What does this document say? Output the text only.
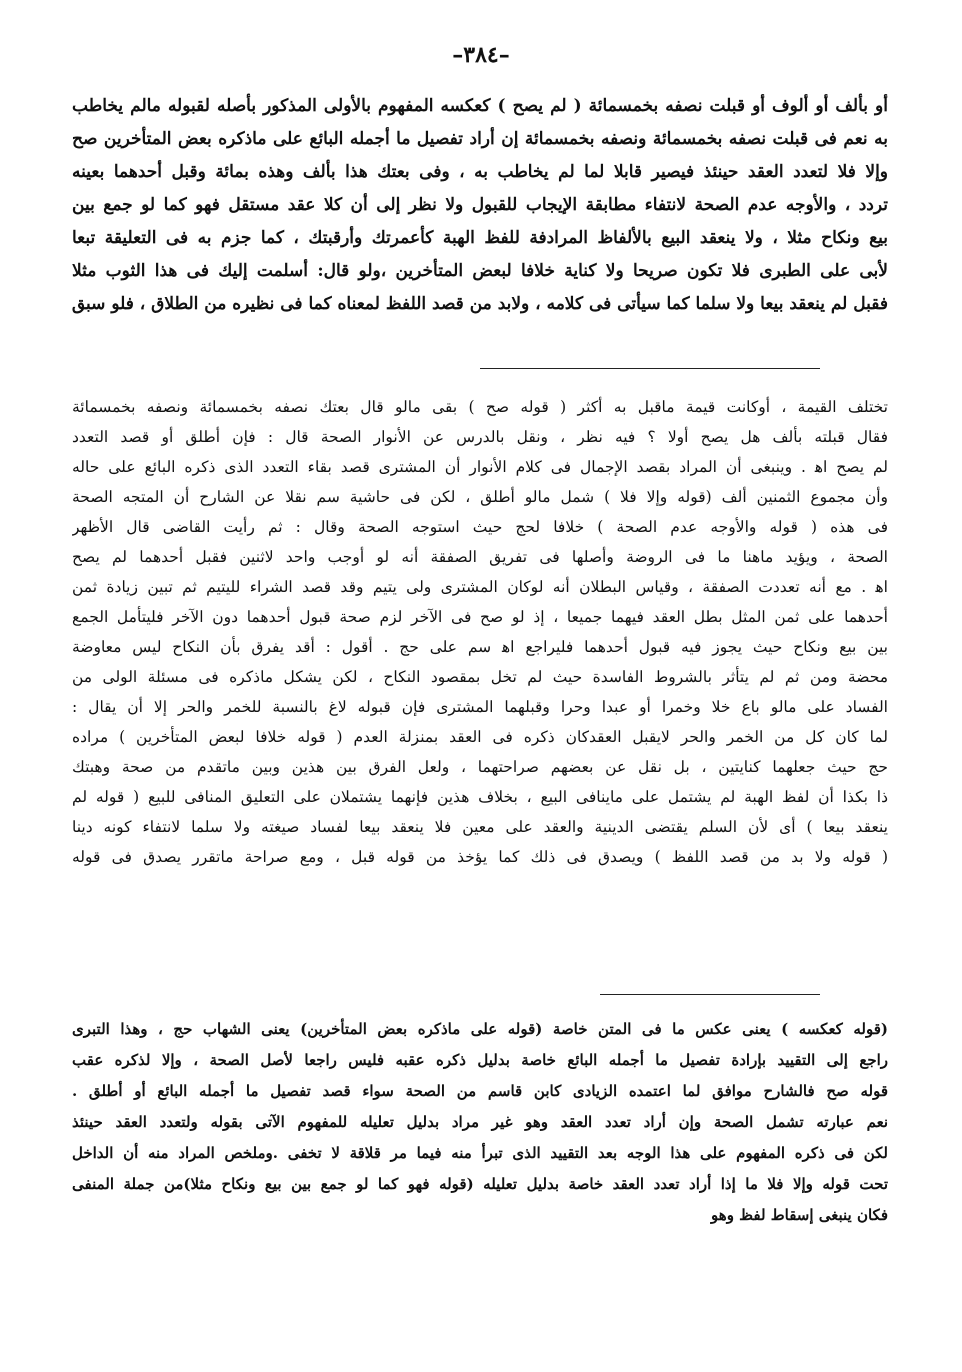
–٣٨٤–
أو بألف أو ألوف أو قبلت نصفه بخمسمائة ( لم يصح ) كعكسه المفهوم بالأولى المذكور بأصله لقبوله مالم يخاطب
به نعم فى قبلت نصفه بخمسمائة ونصفه بخمسمائة إن أراد تفصيل ما أجمله البائع على ماذكره بعض المتأخرين صح
وإلا فلا لتعدد العقد حينئذ فيصير قابلا لما لم يخاطب به ، وفى بعتك هذا بألف وهذه بمائة وقبل أحدهما بعينه
تردد ، والأوجه عدم الصحة لانتفاء مطابقة الإيجاب للقبول ولا نظر إلى أن كلا عقد مستقل فهو كما لو جمع بين
بيع ونكاح مثلا ، ولا ينعقد البيع بالألفاظ المرادفة للفظ الهبة كأعمرتك وأرقبتك ، كما جزم به فى التعليقة تبعا
لأبى على الطبرى فلا تكون صريحا ولا كناية خلافا لبعض المتأخرين ،ولو قال: أسلمت إليك فى هذا الثوب مثلا
فقبل لم ينعقد بيعا ولا سلما كما سيأتى فى كلامه ، ولابد من قصد اللفظ لمعناه كما فى نظيره من الطلاق ، فلو سبق
تختلف القيمة ، أوكانت قيمة ماقبل به أكثر ( قوله صح ) بقى مالو قال بعتك نصفه بخمسمائة ونصفه بخمسمائة
فقال قبلته بألف هل يصح أولا ؟ فيه نظر ، ونقل بالدرس عن الأنوار الصحة قال : فإن أطلق أو قصد التعدد
لم يصح اﻫ . وينبغى أن المراد بقصد الإجمال فى كلام الأنوار أن المشترى قصد بقاء التعدد الذى ذكره البائع على حاله
وأن مجموع الثمنين ألف (قوله وإلا فلا ) شمل مالو أطلق ، لكن فى حاشية سم نقلا عن الشارح أن المتجه الصحة
فى هذه ( قوله والأوجه عدم الصحة ) خلافا لحج حيث استوجه الصحة وقال : ثم رأيت القاضى قال الأظهر
الصحة ، ويؤيد ماهنا ما فى الروضة وأصلها فى تفريق الصفقة أنه لو أوجب واحد لاثنين فقبل أحدهما لم يصح
اﻫ . مع أنه تعددت الصفقة ، وقياس البطلان أنه لوكان المشترى ولى يتيم وقد قصد الشراء لليتيم ثم تبين زيادة ثمن
أحدهما على ثمن المثل بطل العقد فيهما جميعا ، إذ لو صح فى الآخر لزم صحة قبول أحدهما دون الآخر فليتأمل الجمع
بين بيع ونكاح حيث يجوز فيه قبول أحدهما فليراجع اﻫ سم على حج . أقول : أقد يفرق بأن النكاح ليس معاوضة
محضة ومن ثم لم يتأثر بالشروط الفاسدة حيث لم تخل بمقصود النكاح ، لكن يشكل ماذكره فى مسئلة الولى من
الفساد على مالو باع خلا وخمرا أو عبدا وحرا وقبلهما المشترى فإن قبوله لاغ بالنسبة للخمر والحر إلا أن يقال :
لما كان كل من الخمر والحر لايقبل العقدكان ذكره فى العقد بمنزلة العدم ( قوله خلافا لبعض المتأخرين ) مراده
حج حيث جعلهما كنايتين ، بل نقل عن بعضهم صراحتهما ، ولعل الفرق بين هذين وبين ماتقدم من صحة وهبتك
ذا بكذا أن لفظ الهبة لم يشتمل على ماينافى البيع ، بخلاف هذين فإنهما يشتملان على التعليق المنافى للبيع ( قوله لم
ينعقد بيعا ) أى لأن السلم يقتضى الدينية والعقد على معين فلا ينعقد بيعا لفساد صيغته ولا سلما لانتفاء كونه دينا
( قوله ولا بد من قصد اللفظ ) ويصدق فى ذلك كما يؤخذ من قوله قبل ، ومع صراحة ماتقرر يصدق فى قوله
(قوله كعكسه ) يعنى عكس ما فى المتن خاصة (قوله على ماذكره بعض المتأخرين) يعنى الشهاب حج ، وهذا التبرى
راجع إلى التقييد بإرادة تفصيل ما أجمله البائع خاصة بدليل ذكره عقبه فليس راجعا لأصل الصحة ، وإلا لذكره عقب
قوله صح فالشارح موافق لما اعتمده الزيادى كابن قاسم من الصحة سواء قصد تفصيل ما أجمله البائع أو أطلق .
نعم عبارته تشمل الصحة وإن أراد تعدد العقد وهو غير مراد بدليل تعليله للمفهوم الآتى بقوله ولتعدد العقد حينئذ
لكن فى ذكره المفهوم على هذا الوجه بعد التقييد الذى تبرأ منه فيما مر قلاقة لا تخفى .وملخص المراد منه أن الداخل
تحت قوله وإلا فلا ما إذا أراد تعدد العقد خاصة بدليل تعليله (قوله فهو كما لو جمع بين بيع ونكاح مثلا)من جملة المنفى
فكان ينبغى إسقاط لفظ وهو
